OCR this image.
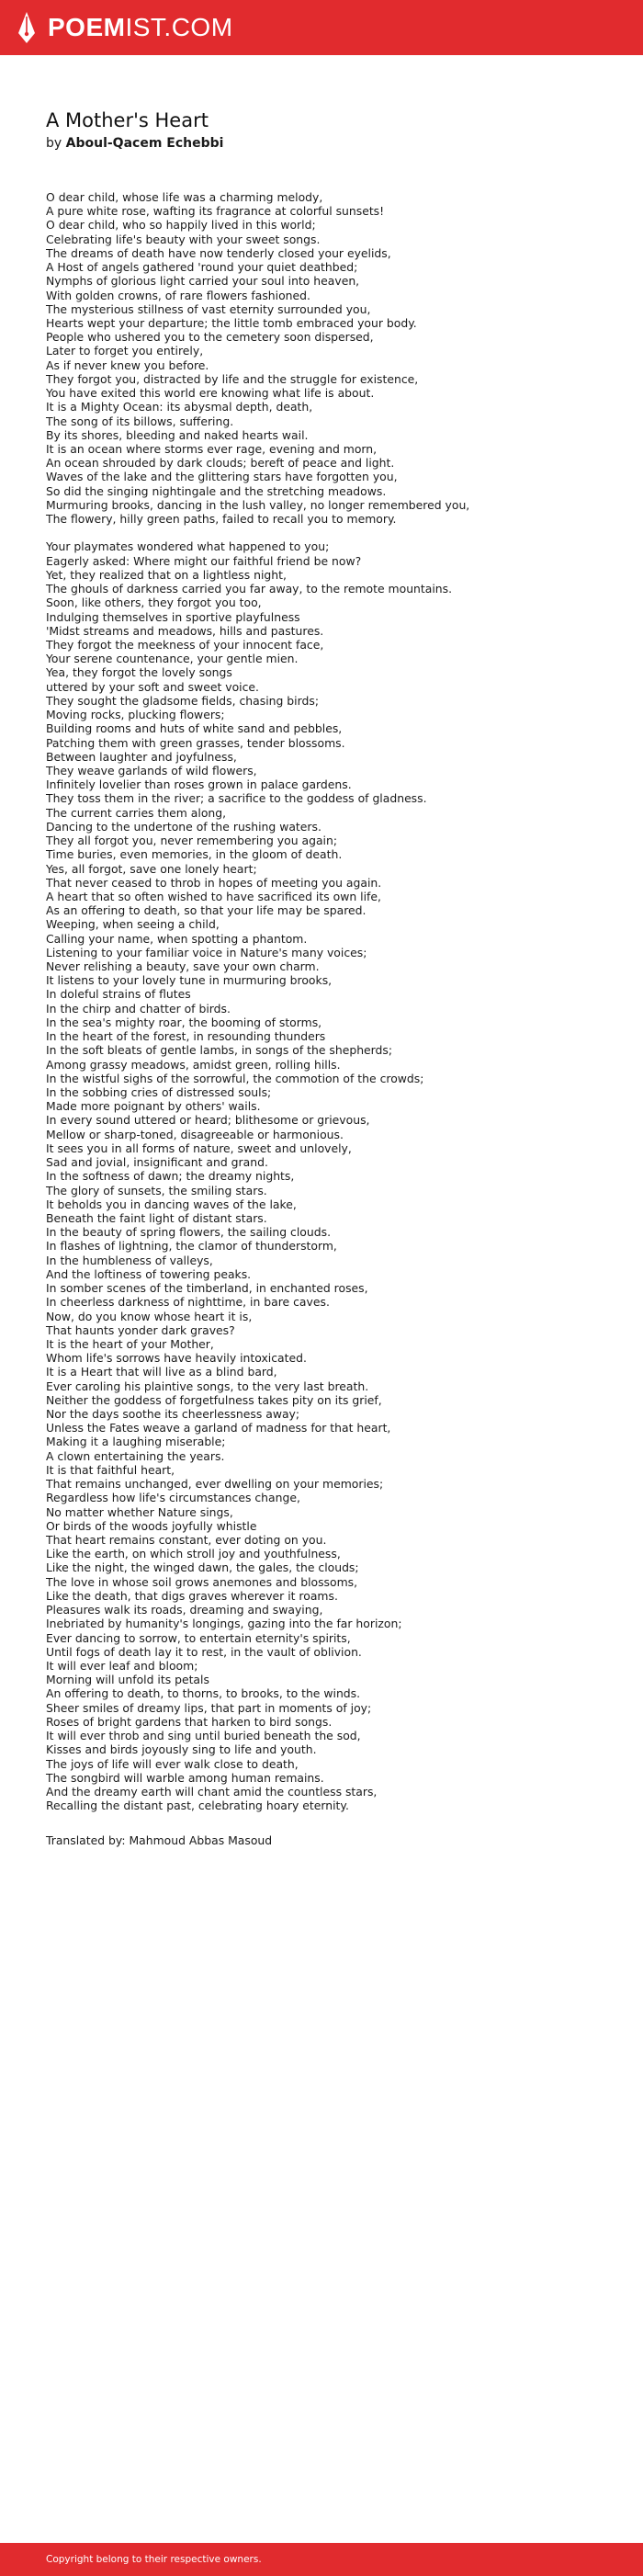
POEMIST.COM
A Mother's Heart
by Aboul-Qacem Echebbi
O dear child, whose life was a charming melody,
A pure white rose, wafting its fragrance at colorful sunsets!
O dear child, who so happily lived in this world;
Celebrating life's beauty with your sweet songs.
The dreams of death have now tenderly closed your eyelids,
A Host of angels gathered 'round your quiet deathbed;
Nymphs of glorious light carried your soul into heaven,
With golden crowns, of rare flowers fashioned.
The mysterious stillness of vast eternity surrounded you,
Hearts wept your departure; the little tomb embraced your body.
People who ushered you to the cemetery soon dispersed,
Later to forget you entirely,
As if never knew you before.
They forgot you, distracted by life and the struggle for existence,
You have exited this world ere knowing what life is about.
It is a Mighty Ocean: its abysmal depth, death,
The song of its billows, suffering.
By its shores, bleeding and naked hearts wail.
It is an ocean where storms ever rage, evening and morn,
An ocean shrouded by dark clouds; bereft of peace and light.
Waves of the lake and the glittering stars have forgotten you,
So did the singing nightingale and the stretching meadows.
Murmuring brooks, dancing in the lush valley, no longer remembered you,
The flowery, hilly green paths, failed to recall you to memory.
Your playmates wondered what happened to you;
Eagerly asked: Where might our faithful friend be now?
Yet, they realized that on a lightless night,
The ghouls of darkness carried you far away, to the remote mountains.
Soon, like others, they forgot you too,
Indulging themselves in sportive playfulness
'Midst streams and meadows, hills and pastures.
They forgot the meekness of your innocent face,
Your serene countenance, your gentle mien.
Yea, they forgot the lovely songs
uttered by your soft and sweet voice.
They sought the gladsome fields, chasing birds;
Moving rocks, plucking flowers;
Building rooms and huts of white sand and pebbles,
Patching them with green grasses, tender blossoms.
Between laughter and joyfulness,
They weave garlands of wild flowers,
Infinitely lovelier than roses grown in palace gardens.
They toss them in the river; a sacrifice to the goddess of gladness.
The current carries them along,
Dancing to the undertone of the rushing waters.
They all forgot you, never remembering you again;
Time buries, even memories, in the gloom of death.
Yes, all forgot, save one lonely heart;
That never ceased to throb in hopes of meeting you again.
A heart that so often wished to have sacrificed its own life,
As an offering to death, so that your life may be spared.
Weeping, when seeing a child,
Calling your name, when spotting a phantom.
Listening to your familiar voice in Nature's many voices;
Never relishing a beauty, save your own charm.
It listens to your lovely tune in murmuring brooks,
In doleful strains of flutes
In the chirp and chatter of birds.
In the sea's mighty roar, the booming of storms,
In the heart of the forest, in resounding thunders
In the soft bleats of gentle lambs, in songs of the shepherds;
Among grassy meadows, amidst green, rolling hills.
In the wistful sighs of the sorrowful, the commotion of the crowds;
In the sobbing cries of distressed souls;
Made more poignant by others' wails.
In every sound uttered or heard; blithesome or grievous,
Mellow or sharp-toned, disagreeable or harmonious.
It sees you in all forms of nature, sweet and unlovely,
Sad and jovial, insignificant and grand.
In the softness of dawn; the dreamy nights,
The glory of sunsets, the smiling stars.
It beholds you in dancing waves of the lake,
Beneath the faint light of distant stars.
In the beauty of spring flowers, the sailing clouds.
In flashes of lightning, the clamor of thunderstorm,
In the humbleness of valleys,
And the loftiness of towering peaks.
In somber scenes of the timberland, in enchanted roses,
In cheerless darkness of nighttime, in bare caves.
Now, do you know whose heart it is,
That haunts yonder dark graves?
It is the heart of your Mother,
Whom life's sorrows have heavily intoxicated.
It is a Heart that will live as a blind bard,
Ever caroling his plaintive songs, to the very last breath.
Neither the goddess of forgetfulness takes pity on its grief,
Nor the days soothe its cheerlessness away;
Unless the Fates weave a garland of madness for that heart,
Making it a laughing miserable;
A clown entertaining the years.
It is that faithful heart,
That remains unchanged, ever dwelling on your memories;
Regardless how life's circumstances change,
No matter whether Nature sings,
Or birds of the woods joyfully whistle
That heart remains constant, ever doting on you.
Like the earth, on which stroll joy and youthfulness,
Like the night, the winged dawn, the gales, the clouds;
The love in whose soil grows anemones and blossoms,
Like the death, that digs graves wherever it roams.
Pleasures walk its roads, dreaming and swaying,
Inebriated by humanity's longings, gazing into the far horizon;
Ever dancing to sorrow, to entertain eternity's spirits,
Until fogs of death lay it to rest, in the vault of oblivion.
It will ever leaf and bloom;
Morning will unfold its petals
An offering to death, to thorns, to brooks, to the winds.
Sheer smiles of dreamy lips, that part in moments of joy;
Roses of bright gardens that harken to bird songs.
It will ever throb and sing until buried beneath the sod,
Kisses and birds joyously sing to life and youth.
The joys of life will ever walk close to death,
The songbird will warble among human remains.
And the dreamy earth will chant amid the countless stars,
Recalling the distant past, celebrating hoary eternity.
Translated by: Mahmoud Abbas Masoud
Copyright belong to their respective owners.
